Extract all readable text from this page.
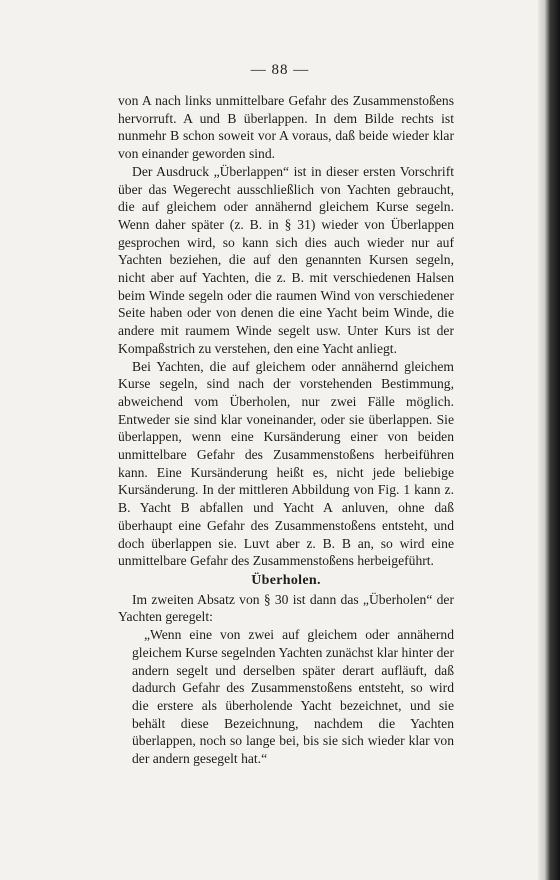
— 88 —

von A nach links unmittelbare Gefahr des Zusammenstoßens hervorruft. A und B überlappen. In dem Bilde rechts ist nunmehr B schon soweit vor A voraus, daß beide wieder klar von einander geworden sind.

Der Ausdruck „Überlappen“ ist in dieser ersten Vorschrift über das Wegerecht ausschließlich von Yachten gebraucht, die auf gleichem oder annähernd gleichem Kurse segeln. Wenn daher später (z. B. in § 31) wieder von Überlappen gesprochen wird, so kann sich dies auch wieder nur auf Yachten beziehen, die auf den genannten Kursen segeln, nicht aber auf Yachten, die z. B. mit verschiedenen Halsen beim Winde segeln oder die raumen Wind von verschiedener Seite haben oder von denen die eine Yacht beim Winde, die andere mit raumem Winde segelt usw. Unter Kurs ist der Kompaßstrich zu verstehen, den eine Yacht anliegt.

Bei Yachten, die auf gleichem oder annähernd gleichem Kurse segeln, sind nach der vorstehenden Bestimmung, abweichend vom Überholen, nur zwei Fälle möglich. Entweder sie sind klar voneinander, oder sie überlappen. Sie überlappen, wenn eine Kursänderung einer von beiden unmittelbare Gefahr des Zusammenstoßens herbeiführen kann. Eine Kursänderung heißt es, nicht jede beliebige Kursänderung. In der mittleren Abbildung von Fig. 1 kann z. B. Yacht B abfallen und Yacht A anluven, ohne daß überhaupt eine Gefahr des Zusammenstoßens entsteht, und doch überlappen sie. Luvt aber z. B. B an, so wird eine unmittelbare Gefahr des Zusammenstoßens herbeigeführt.

Überholen.

Im zweiten Absatz von § 30 ist dann das „Überholen“ der Yachten geregelt:

„Wenn eine von zwei auf gleichem oder annähernd gleichem Kurse segelnden Yachten zunächst klar hinter der andern segelt und derselben später derart aufläuft, daß dadurch Gefahr des Zusammenstoßens entsteht, so wird die erstere als überholende Yacht bezeichnet, und sie behält diese Bezeichnung, nachdem die Yachten überlappen, noch so lange bei, bis sie sich wieder klar von der andern gesegelt hat.“
